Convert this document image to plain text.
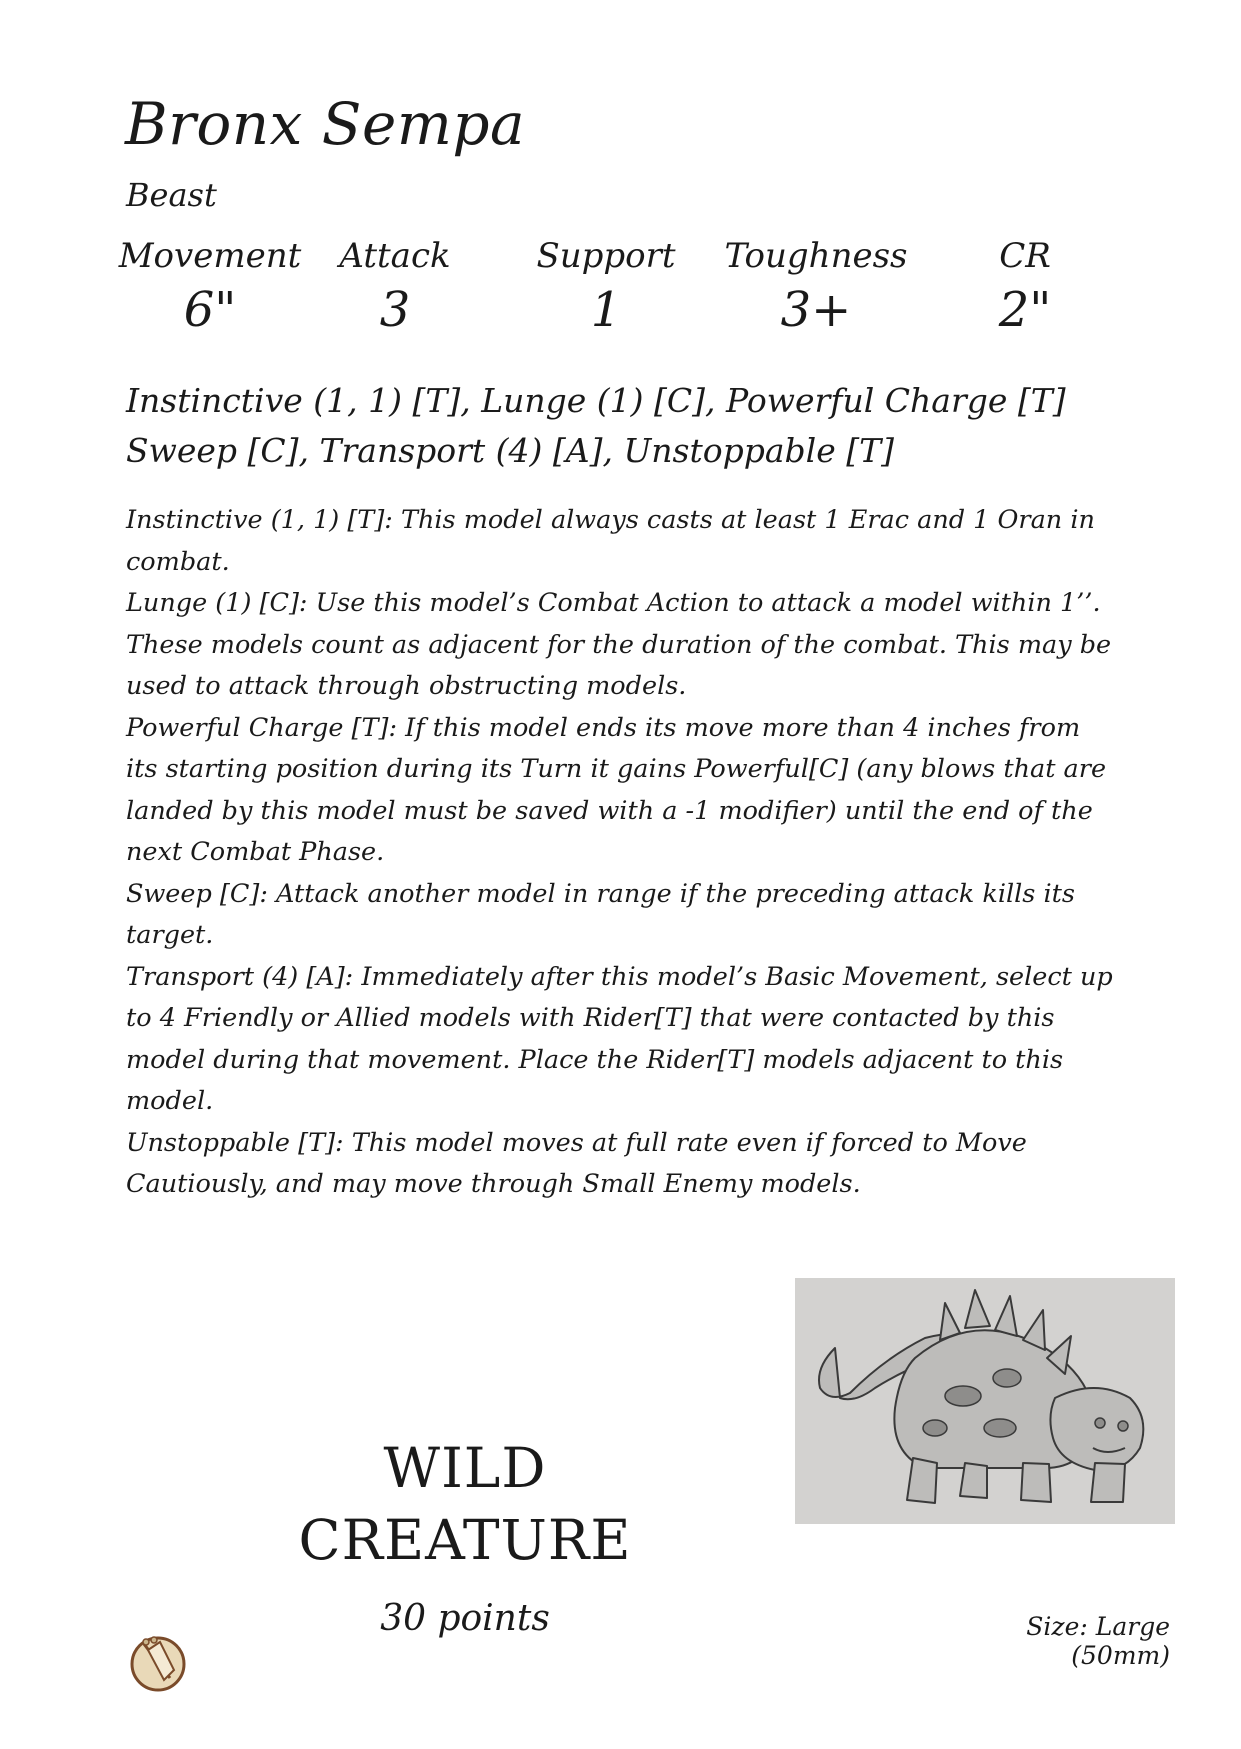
Bronx Sempa
Beast
Movement
6"
Attack
3
Support
1
Toughness
3+
CR
2"
Instinctive (1, 1) [T], Lunge (1) [C], Powerful Charge [T]
Sweep [C], Transport (4) [A], Unstoppable [T]

Instinctive (1, 1) [T]: This model always casts at least 1 Erac and 1 Oran in combat.

Lunge (1) [C]: Use this model’s Combat Action to attack a model within 1’’. These models count as adjacent for the duration of the combat. This may be used to attack through obstructing models.

Powerful Charge [T]: If this model ends its move more than 4 inches from its starting position during its Turn it gains Powerful[C] (any blows that are landed by this model must be saved with a -1 modifier) until the end of the next Combat Phase.

Sweep [C]: Attack another model in range if the preceding attack kills its target.

Transport (4) [A]: Immediately after this model’s Basic Movement, select up to 4 Friendly or Allied models with Rider[T] that were contacted by this model during that movement. Place the Rider[T] models adjacent to this model.

Unstoppable [T]: This model moves at full rate even if forced to Move Cautiously, and may move through Small Enemy models.

WILD
CREATURE
30 points	Size: Large (50mm)
